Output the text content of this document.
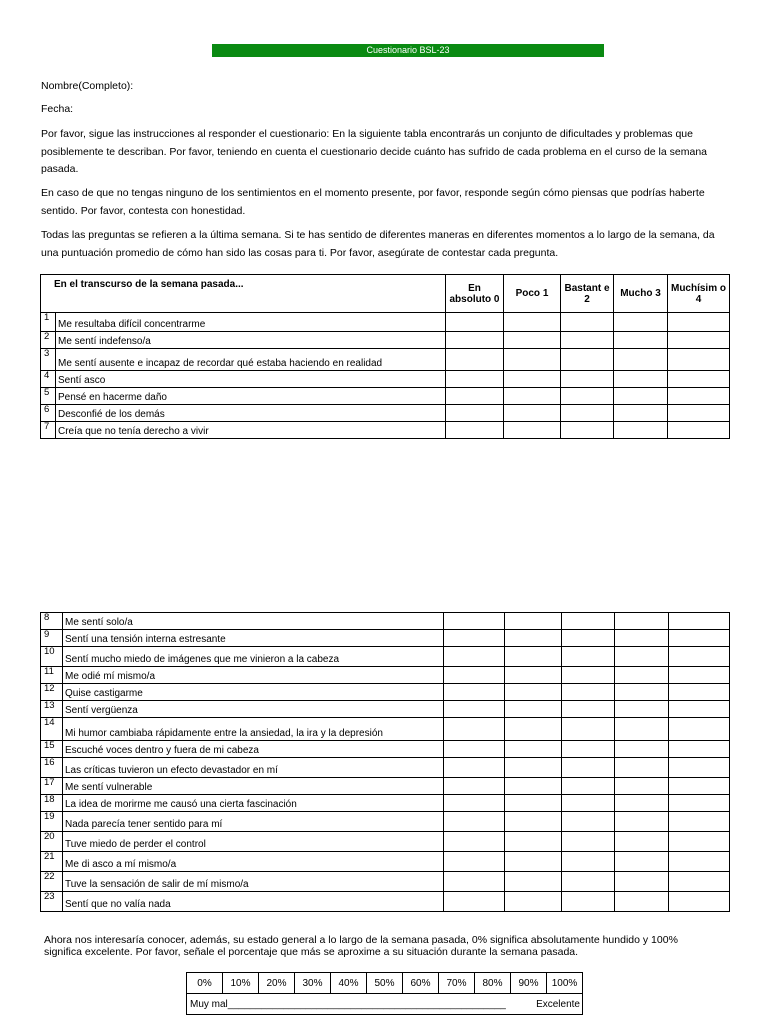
Cuestionario BSL-23

Nombre(Completo):

Fecha:

Por favor, sigue las instrucciones al responder el cuestionario: En la siguiente tabla encontrarás un conjunto de dificultades y problemas que posiblemente te describan. Por favor, teniendo en cuenta el cuestionario decide cuánto has sufrido de cada problema en el curso de la semana pasada.

En caso de que no tengas ninguno de los sentimientos en el momento presente, por favor, responde según cómo piensas que podrías haberte sentido. Por favor, contesta con honestidad.

Todas las preguntas se refieren a la última semana. Si te has sentido de diferentes maneras en diferentes momentos a lo largo de la semana, da una puntuación promedio de cómo han sido las cosas para ti. Por favor, asegúrate de contestar cada pregunta.

En el transcurso de la semana pasada...		En absoluto 0	Poco 1	Bastant e 2	Mucho 3	Muchísim o 4
1	Me resultaba difícil concentrarme					
2	Me sentí indefenso/a					
3	Me sentí ausente e incapaz de recordar qué estaba haciendo en realidad					
4	Sentí asco					
5	Pensé en hacerme daño					
6	Desconfié de los demás					
7	Creía que no tenía derecho a vivir					
8	Me sentí solo/a					
9	Sentí una tensión interna estresante					
10	Sentí mucho miedo de imágenes que me vinieron a la cabeza					
11	Me odié mí mismo/a					
12	Quise castigarme					
13	Sentí vergüenza					
14	Mi humor cambiaba rápidamente entre la ansiedad, la ira y la depresión					
15	Escuché voces dentro y fuera de mi cabeza					
16	Las críticas tuvieron un efecto devastador en mí					
17	Me sentí vulnerable					
18	La idea de morirme me causó una cierta fascinación					
19	Nada parecía tener sentido para mí					
20	Tuve miedo de perder el control					
21	Me di asco a mí mismo/a					
22	Tuve la sensación de salir de mí mismo/a					
23	Sentí que no valía nada					

Ahora nos interesaría conocer, además, su estado general a lo largo de la semana pasada, 0% significa absolutamente hundido y 100% significa excelente. Por favor, señale el porcentaje que más se aproxime a su situación durante la semana pasada.

0%	10%	20%	30%	40%	50%	60%	70%	80%	90%	100%
Muy mal__________________________________________________	Excelente
